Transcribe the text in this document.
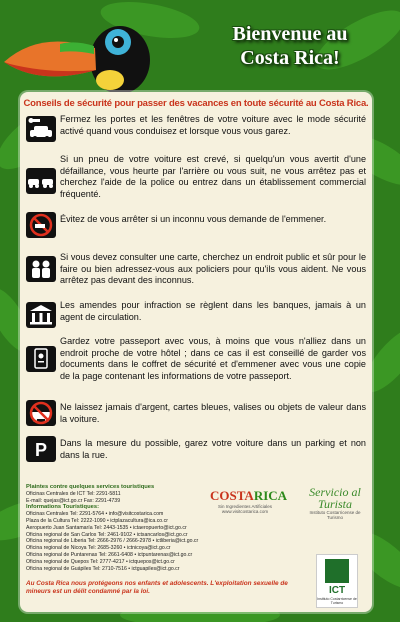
Bienvenue au
Costa Rica!
Conseils de sécurité pour passer des vacances en toute sécurité au Costa Rica.
Fermez les portes et les fenêtres de votre voiture avec le mode sécurité activé quand vous conduisez et lorsque vous vous garez.
Si un pneu de votre voiture est crevé, si quelqu'un vous avertit d'une défaillance, vous heurte par l'arrière ou vous suit, ne vous arrêtez pas et cherchez l'aide de la police ou entrez dans un établissement commercial fréquenté.
Évitez de vous arrêter si un inconnu vous demande de l'emmener.
Si vous devez consulter une carte, cherchez un endroit public et sûr pour le faire ou bien adressez-vous aux policiers pour qu'ils vous aident. Ne vous arrêtez pas devant des inconnus.
Les amendes pour infraction se règlent dans les banques, jamais à un agent de circulation.
Gardez votre passeport avec vous, à moins que vous n'alliez dans un endroit proche de votre hôtel ; dans ce cas il est conseillé de garder vos documents dans le coffret de sécurité et d'emmener avec vous une copie de la page contenant les informations de votre passeport.
Ne laissez jamais d'argent, cartes bleues, valises ou objets de valeur dans la voiture.
P Dans la mesure du possible, garez votre voiture dans un parking et non dans la rue.
Plaintes contre quelques services touristiques
Oficinas Centrales de ICT Tel: 2291-5811
E-mail: quejas@ict.go.cr Fax: 2291-4739
Informations Touristiques:
Oficinas Centrales Tel: 2291-5764 • info@visitcostarica.com
Plaza de la Cultura Tel: 2222-1090 • ictplazacultura@ica.co.cr
Aeropuerto Juan Santamaría Tel: 2443-1535 • ictaeropuerto@ict.go.cr
Oficina regional de San Carlos Tel: 2461-9102 • ictsancarlos@ict.go.cr
Oficina regional de Liberia Tel: 2666-2976 / 2666-2978 • ictliberia@ict.go.cr
Oficina regional de Nicoya Tel: 2685-3260 • ictnicoya@ict.go.cr
Oficina regional de Puntarenas Tel: 2661-6408 • ictpuntarenas@ict.go.cr
Oficina regional de Quepos Tel: 2777-4217 • ictquepos@ict.go.cr
Oficina regional de Guápiles Tel: 2710-7516 • ictguapiles@ict.go.cr
COSTARICA
Sin Ingredientes Artificiales
www.visitcostarica.com
Servicio al Turista
Instituto Costarricense de Turismo
Au Costa Rica nous protégeons nos enfants et adolescents. L'exploitation sexuelle de mineurs est un délit condamné par la loi.	ICT
Instituto Costarricense de Turismo
